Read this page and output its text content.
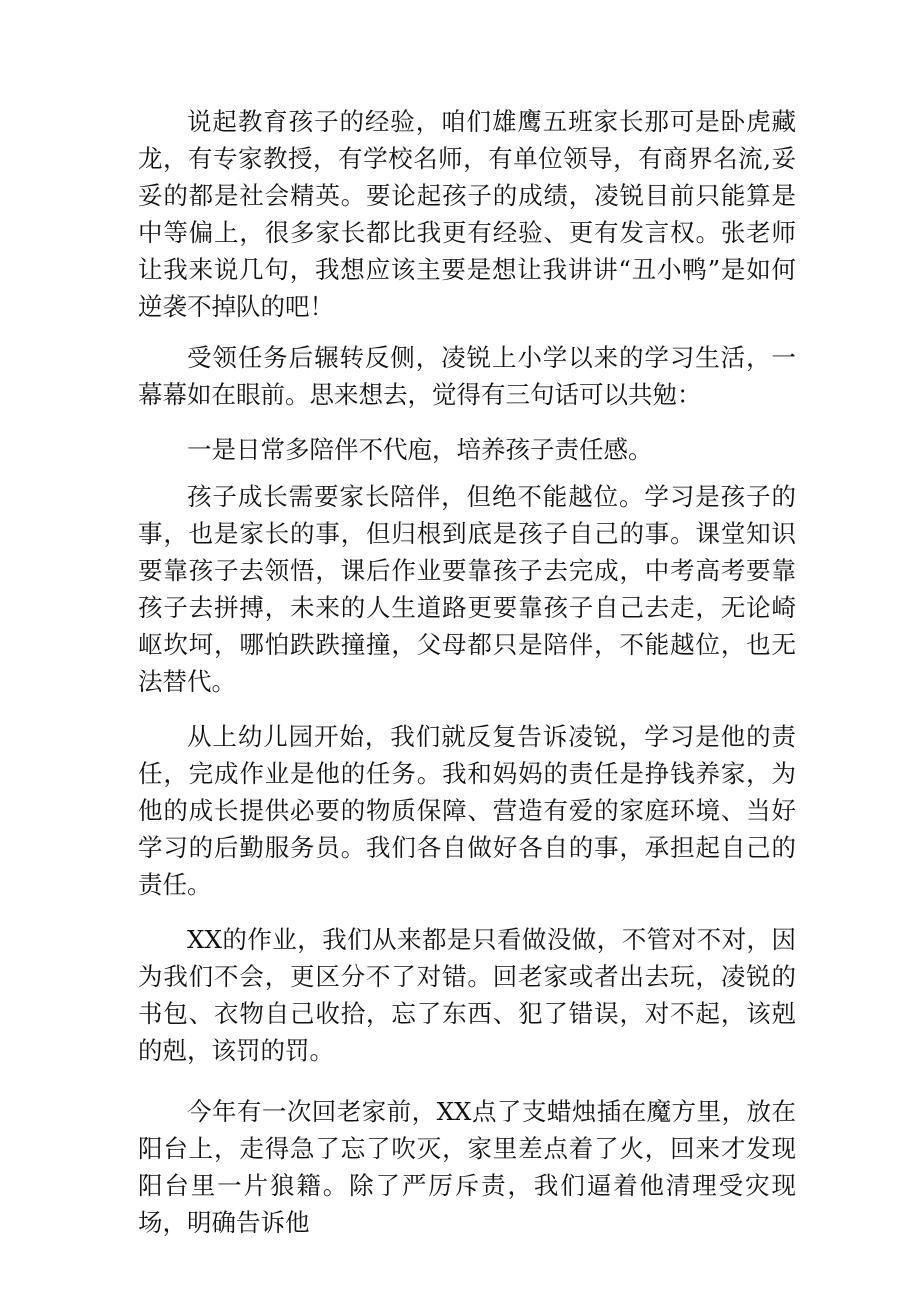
说起教育孩子的经验，咱们雄鹰五班家长那可是卧虎藏龙，有专家教授，有学校名师，有单位领导，有商界名流,妥妥的都是社会精英。要论起孩子的成绩，凌锐目前只能算是中等偏上，很多家长都比我更有经验、更有发言权。张老师让我来说几句，我想应该主要是想让我讲讲“丑小鸭”是如何逆袭不掉队的吧！

受领任务后辗转反侧，凌锐上小学以来的学习生活，一幕幕如在眼前。思来想去，觉得有三句话可以共勉：

一是日常多陪伴不代庖，培养孩子责任感。

孩子成长需要家长陪伴，但绝不能越位。学习是孩子的事，也是家长的事，但归根到底是孩子自己的事。课堂知识要靠孩子去领悟，课后作业要靠孩子去完成，中考高考要靠孩子去拼搏，未来的人生道路更要靠孩子自己去走，无论崎岖坎坷，哪怕跌跌撞撞，父母都只是陪伴，不能越位，也无法替代。

从上幼儿园开始，我们就反复告诉凌锐，学习是他的责任，完成作业是他的任务。我和妈妈的责任是挣钱养家，为他的成长提供必要的物质保障、营造有爱的家庭环境、当好学习的后勤服务员。我们各自做好各自的事，承担起自己的责任。

XX的作业，我们从来都是只看做没做，不管对不对，因为我们不会，更区分不了对错。回老家或者出去玩，凌锐的书包、衣物自己收拾，忘了东西、犯了错误，对不起，该剋的剋，该罚的罚。

今年有一次回老家前，XX点了支蜡烛插在魔方里，放在阳台上，走得急了忘了吹灭，家里差点着了火，回来才发现阳台里一片狼籍。除了严厉斥责，我们逼着他清理受灾现场，明确告诉他
